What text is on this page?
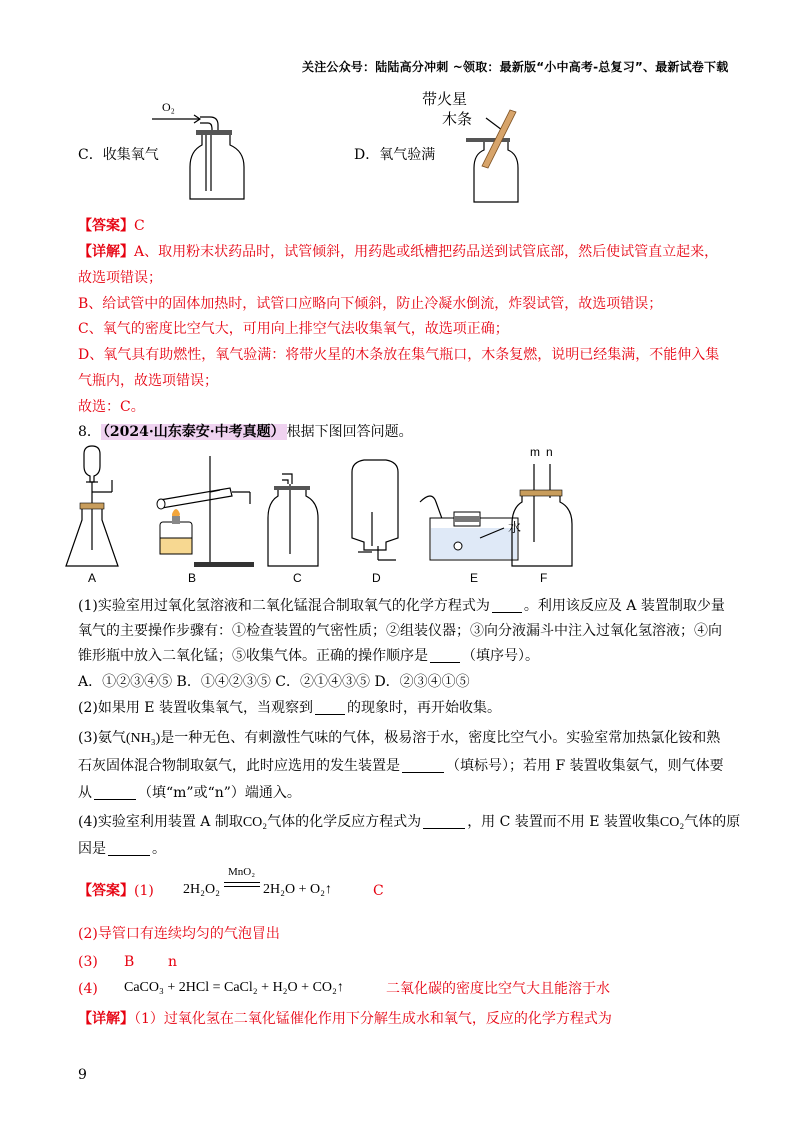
关注公众号：陆陆高分冲刺 ~领取：最新版“小中高考-总复习”、最新试卷下载
C．收集氧气
O₂
D．氧气验满
带火星
木条
【答案】C
【详解】A、取用粉末状药品时，试管倾斜，用药匙或纸槽把药品送到试管底部，然后使试管直立起来，
故选项错误；
B、给试管中的固体加热时，试管口应略向下倾斜，防止冷凝水倒流，炸裂试管，故选项错误；
C、氧气的密度比空气大，可用向上排空气法收集氧气，故选项正确；
D、氧气具有助燃性，氧气验满：将带火星的木条放在集气瓶口，木条复燃，说明已经集满，不能伸入集
气瓶内，故选项错误；
故选：C。
8． （2024·山东泰安·中考真题） 根据下图回答问题。
A	B	C	D
水
E
m n
F
(1)实验室用过氧化氢溶液和二氧化锰混合制取氧气的化学方程式为 。利用该反应及 A 装置制取少量
氧气的主要操作步骤有：①检查装置的气密性质；②组装仪器；③向分液漏斗中注入过氧化氢溶液；④向
锥形瓶中放入二氧化锰；⑤收集气体。正确的操作顺序是 （填序号）。
A．①②③④⑤ B．①④②③⑤ C．②①④③⑤ D．②③④①⑤
(2)如果用 E 装置收集氧气，当观察到 的现象时，再开始收集。
(3)氨气(NH₃)是一种无色、有刺激性气味的气体，极易溶于水，密度比空气小。实验室常加热氯化铵和熟
石灰固体混合物制取氨气，此时应选用的发生装置是	（填标号）；若用 F 装置收集氨气，则气体要
从	（填“m”或“n”）端通入。
(4)实验室利用装置 A 制取CO₂气体的化学反应方程式为	，用 C 装置而不用 E 装置收集CO₂气体的原
因是	。
【答案】(1) 2H₂O₂
MnO₂
2H₂O + O₂↑	C
(2)导管口有连续均匀的气泡冒出
(3) B n
(4) CaCO₃ + 2HCl = CaCl₂ + H₂O + CO₂↑	二氧化碳的密度比空气大且能溶于水
【详解】（1）过氧化氢在二氧化锰催化作用下分解生成水和氧气，反应的化学方程式为
9
